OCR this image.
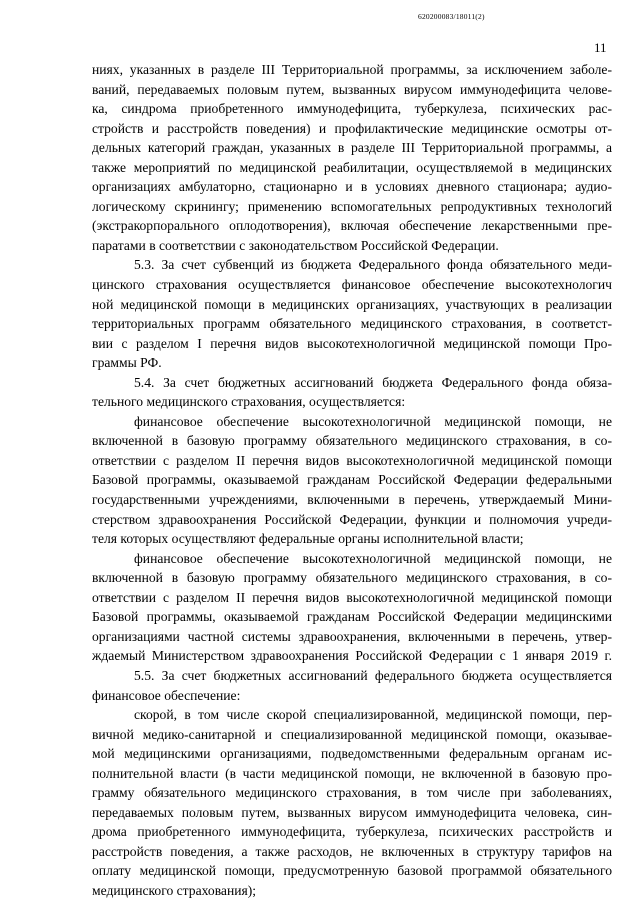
620200083/18011(2)
11
ниях, указанных в разделе III Территориальной программы, за исключением заболе-
ваний, передаваемых половым путем, вызванных вирусом иммунодефицита челове-
ка, синдрома приобретенного иммунодефицита, туберкулеза, психических рас-
стройств и расстройств поведения) и профилактические медицинские осмотры от-
дельных категорий граждан, указанных в разделе III Территориальной программы, а
также мероприятий по медицинской реабилитации, осуществляемой в медицинских
организациях амбулаторно, стационарно и в условиях дневного стационара; аудио-
логическому скринингу; применению вспомогательных репродуктивных технологий
(экстракорпорального оплодотворения), включая обеспечение лекарственными пре-
паратами в соответствии с законодательством Российской Федерации.
5.3. За счет субвенций из бюджета Федерального фонда обязательного меди-
цинского страхования осуществляется финансовое обеспечение высокотехнологич
ной медицинской помощи в медицинских организациях, участвующих в реализации
территориальных программ обязательного медицинского страхования, в соответст-
вии с разделом I перечня видов высокотехнологичной медицинской помощи Про-
граммы РФ.
5.4. За счет бюджетных ассигнований бюджета Федерального фонда обяза-
тельного медицинского страхования, осуществляется:
финансовое обеспечение высокотехнологичной медицинской помощи, не
включенной в базовую программу обязательного медицинского страхования, в со-
ответствии с разделом II перечня видов высокотехнологичной медицинской помощи
Базовой программы, оказываемой гражданам Российской Федерации федеральными
государственными учреждениями, включенными в перечень, утверждаемый Мини-
стерством здравоохранения Российской Федерации, функции и полномочия учреди-
теля которых осуществляют федеральные органы исполнительной власти;
финансовое обеспечение высокотехнологичной медицинской помощи, не
включенной в базовую программу обязательного медицинского страхования, в со-
ответствии с разделом II перечня видов высокотехнологичной медицинской помощи
Базовой программы, оказываемой гражданам Российской Федерации медицинскими
организациями частной системы здравоохранения, включенными в перечень, утвер-
ждаемый Министерством здравоохранения Российской Федерации с 1 января 2019 г.
5.5. За счет бюджетных ассигнований федерального бюджета осуществляется
финансовое обеспечение:
скорой, в том числе скорой специализированной, медицинской помощи, пер-
вичной медико-санитарной и специализированной медицинской помощи, оказывае-
мой медицинскими организациями, подведомственными федеральным органам ис-
полнительной власти (в части медицинской помощи, не включенной в базовую про-
грамму обязательного медицинского страхования, в том числе при заболеваниях,
передаваемых половым путем, вызванных вирусом иммунодефицита человека, син-
дрома приобретенного иммунодефицита, туберкулеза, психических расстройств и
расстройств поведения, а также расходов, не включенных в структуру тарифов на
оплату медицинской помощи, предусмотренную базовой программой обязательного
медицинского страхования);
